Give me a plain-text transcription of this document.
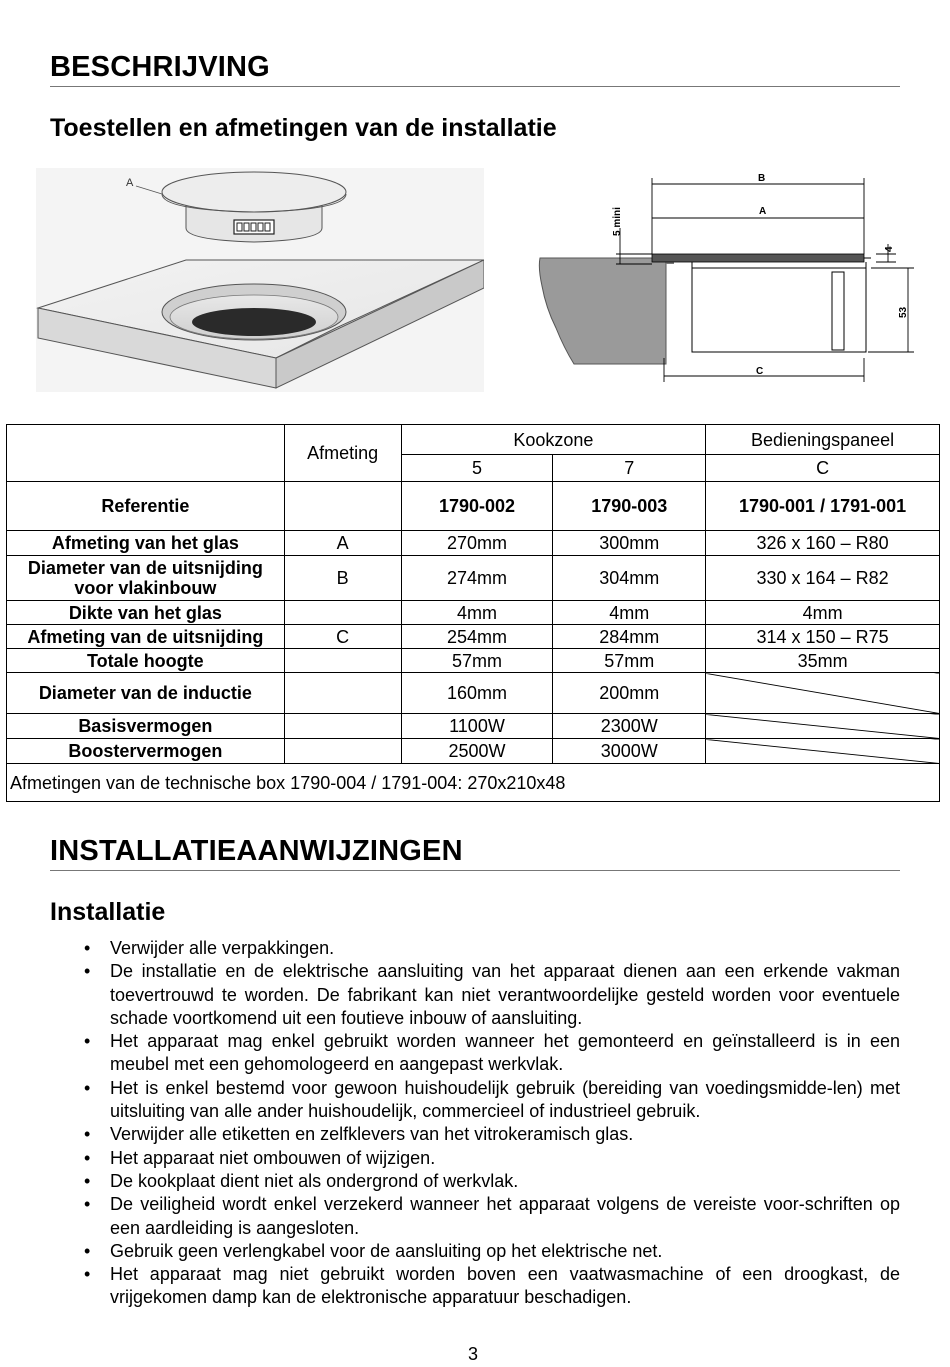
BESCHRIJVING
Toestellen en afmetingen van de installatie
A	B
A
C
5 mini
4
53
	Afmeting	Kookzone		Bedieningspaneel
		5	7	C
Referentie		1790-002	1790-003	1790-001 / 1791-001
Afmeting van het glas	A	270mm	300mm	326 x 160 – R80
Diameter van de uitsnijding voor vlakinbouw	B	274mm	304mm	330 x 164 – R82
Dikte van het glas		4mm	4mm	4mm
Afmeting van de uitsnijding	C	254mm	284mm	314 x 150 – R75
Totale hoogte		57mm	57mm	35mm
Diameter van de inductie		160mm	200mm	
Basisvermogen		1100W	2300W	
Boostervermogen		2500W	3000W	
Afmetingen van de technische box 1790-004 / 1791-004: 270x210x48				
INSTALLATIEAANWIJZINGEN
Installatie
• Verwijder alle verpakkingen.
• De installatie en de elektrische aansluiting van het apparaat dienen aan een erkende vakman toevertrouwd te worden. De fabrikant kan niet verantwoordelijke gesteld worden voor eventuele schade voortkomend uit een foutieve inbouw of aansluiting.
• Het apparaat mag enkel gebruikt worden wanneer het gemonteerd en geïnstalleerd is in een meubel met een gehomologeerd en aangepast werkvlak.
• Het is enkel bestemd voor gewoon huishoudelijk gebruik (bereiding van voedingsmidde-len) met uitsluiting van alle ander huishoudelijk, commercieel of industrieel gebruik.
• Verwijder alle etiketten en zelfklevers van het vitrokeramisch glas.
• Het apparaat niet ombouwen of wijzigen.
• De kookplaat dient niet als ondergrond of werkvlak.
• De veiligheid wordt enkel verzekerd wanneer het apparaat volgens de vereiste voor-schriften op een aardleiding is aangesloten.
• Gebruik geen verlengkabel voor de aansluiting op het elektrische net.
• Het apparaat mag niet gebruikt worden boven een vaatwasmachine of een droogkast, de vrijgekomen damp kan de elektronische apparatuur beschadigen.
3
